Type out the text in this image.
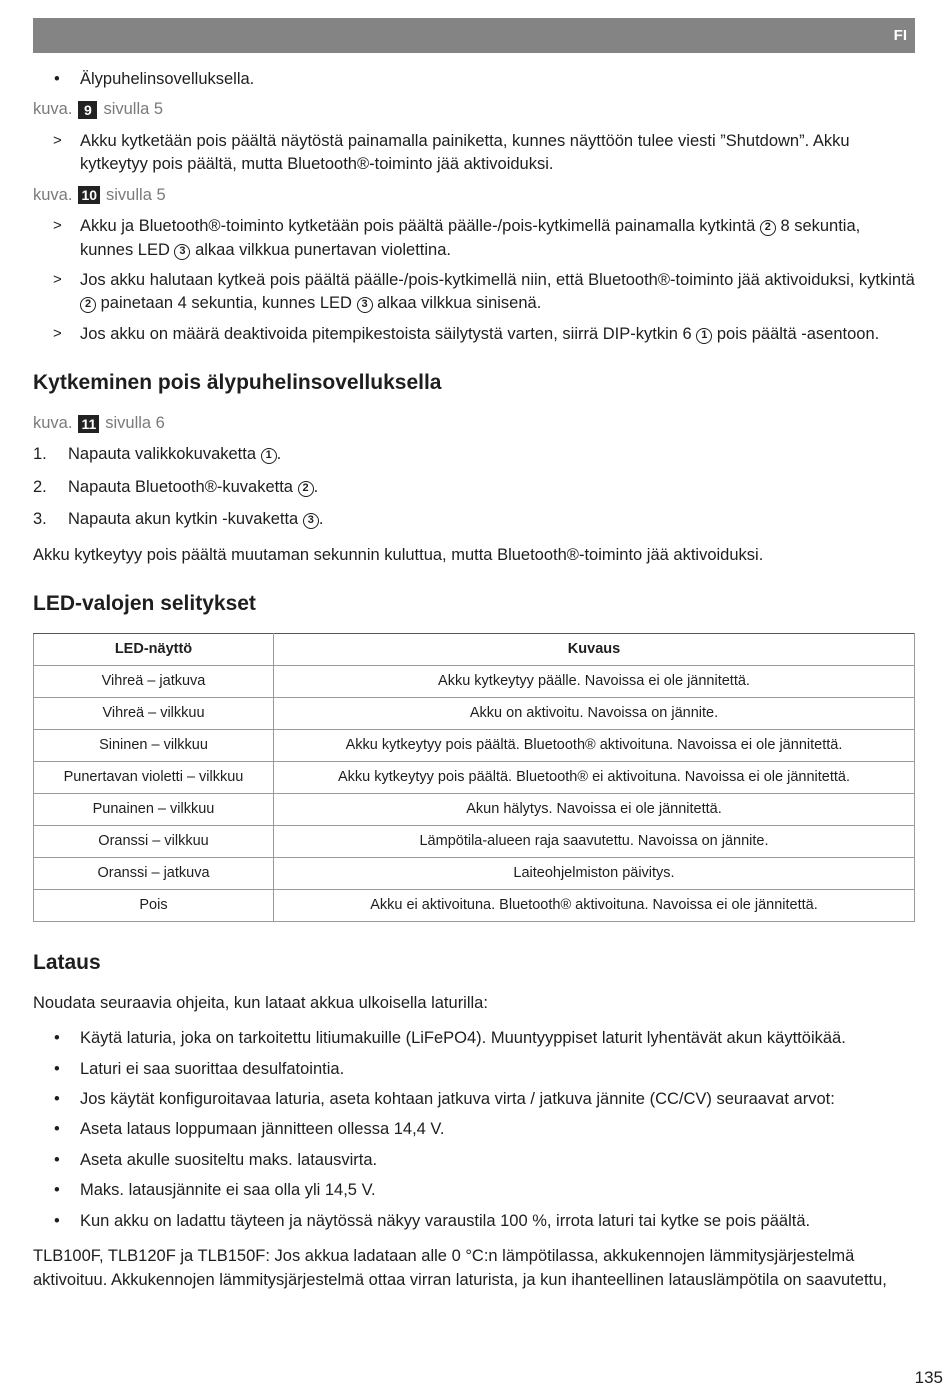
FI
• Älypuhelinsovelluksella.
kuva. 9 sivulla 5
> Akku kytketään pois päältä näytöstä painamalla painiketta, kunnes näyttöön tulee viesti ”Shutdown”. Akku kytkeytyy pois päältä, mutta Bluetooth®-toiminto jää aktivoiduksi.
kuva. 10 sivulla 5
> Akku ja Bluetooth®-toiminto kytketään pois päältä päälle-/pois-kytkimellä painamalla kytkintä 2 8 sekuntia, kunnes LED 3 alkaa vilkkua punertavan violettina.
> Jos akku halutaan kytkeä pois päältä päälle-/pois-kytkimellä niin, että Bluetooth®-toiminto jää aktivoiduksi, kytkintä 2 painetaan 4 sekuntia, kunnes LED 3 alkaa vilkkua sinisenä.
> Jos akku on määrä deaktivoida pitempikestoista säilytystä varten, siirrä DIP-kytkin 6 1 pois päältä -asentoon.
Kytkeminen pois älypuhelinsovelluksella
kuva. 11 sivulla 6
1. Napauta valikkokuvaketta 1 .
2. Napauta Bluetooth®-kuvaketta 2 .
3. Napauta akun kytkin -kuvaketta 3 .

Akku kytkeytyy pois päältä muutaman sekunnin kuluttua, mutta Bluetooth®-toiminto jää aktivoiduksi.

LED-valojen selitykset
LED-näyttö	Kuvaus
Vihreä – jatkuva	Akku kytkeytyy päälle. Navoissa ei ole jännitettä.
Vihreä – vilkkuu	Akku on aktivoitu. Navoissa on jännite.
Sininen – vilkkuu	Akku kytkeytyy pois päältä. Bluetooth® aktivoituna. Navoissa ei ole jännitettä.
Punertavan violetti – vilkkuu	Akku kytkeytyy pois päältä. Bluetooth® ei aktivoituna. Navoissa ei ole jännitettä.
Punainen – vilkkuu	Akun hälytys. Navoissa ei ole jännitettä.
Oranssi – vilkkuu	Lämpötila-alueen raja saavutettu. Navoissa on jännite.
Oranssi – jatkuva	Laiteohjelmiston päivitys.
Pois	Akku ei aktivoituna. Bluetooth® aktivoituna. Navoissa ei ole jännitettä.
Lataus

Noudata seuraavia ohjeita, kun lataat akkua ulkoisella laturilla:

• Käytä laturia, joka on tarkoitettu litiumakuille (LiFePO4). Muuntyyppiset laturit lyhentävät akun käyttöikää.
• Laturi ei saa suorittaa desulfatointia.
• Jos käytät konfiguroitavaa laturia, aseta kohtaan jatkuva virta / jatkuva jännite (CC/CV) seuraavat arvot:
• Aseta lataus loppumaan jännitteen ollessa 14,4 V.
• Aseta akulle suositeltu maks. latausvirta.
• Maks. latausjännite ei saa olla yli 14,5 V.
• Kun akku on ladattu täyteen ja näytössä näkyy varaustila 100 %, irrota laturi tai kytke se pois päältä.

TLB100F, TLB120F ja TLB150F: Jos akkua ladataan alle 0 °C:n lämpötilassa, akkukennojen lämmitysjärjestelmä aktivoituu. Akkukennojen lämmitysjärjestelmä ottaa virran laturista, ja kun ihanteellinen latauslämpötila on saavutettu,

135
